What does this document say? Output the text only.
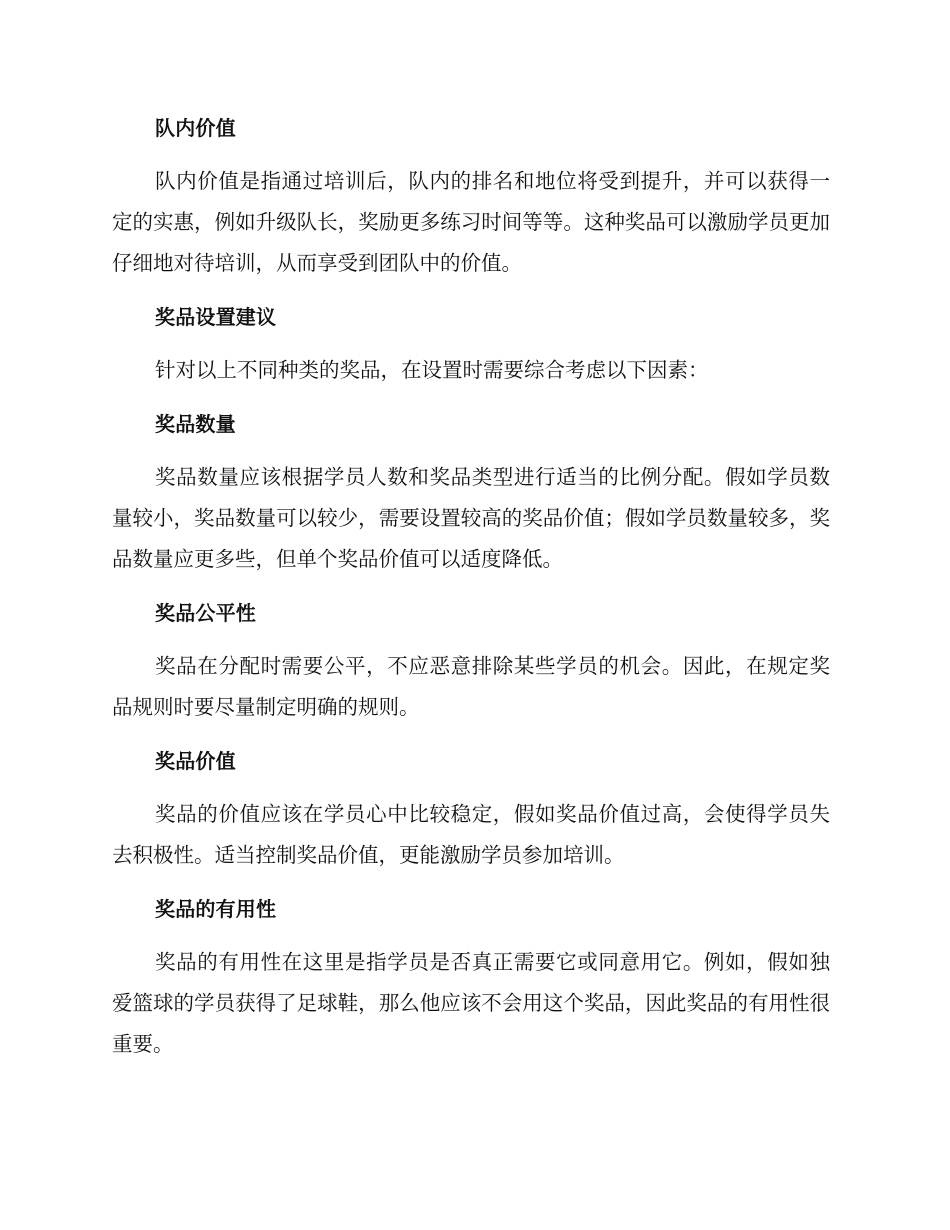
队内价值

队内价值是指通过培训后，队内的排名和地位将受到提升，并可以获得一定的实惠，例如升级队长，奖励更多练习时间等等。这种奖品可以激励学员更加仔细地对待培训，从而享受到团队中的价值。

奖品设置建议

针对以上不同种类的奖品，在设置时需要综合考虑以下因素：

奖品数量

奖品数量应该根据学员人数和奖品类型进行适当的比例分配。假如学员数量较小，奖品数量可以较少，需要设置较高的奖品价值；假如学员数量较多，奖品数量应更多些，但单个奖品价值可以适度降低。

奖品公平性

奖品在分配时需要公平，不应恶意排除某些学员的机会。因此，在规定奖品规则时要尽量制定明确的规则。

奖品价值

奖品的价值应该在学员心中比较稳定，假如奖品价值过高，会使得学员失去积极性。适当控制奖品价值，更能激励学员参加培训。

奖品的有用性

奖品的有用性在这里是指学员是否真正需要它或同意用它。例如，假如独爱篮球的学员获得了足球鞋，那么他应该不会用这个奖品，因此奖品的有用性很重要。
